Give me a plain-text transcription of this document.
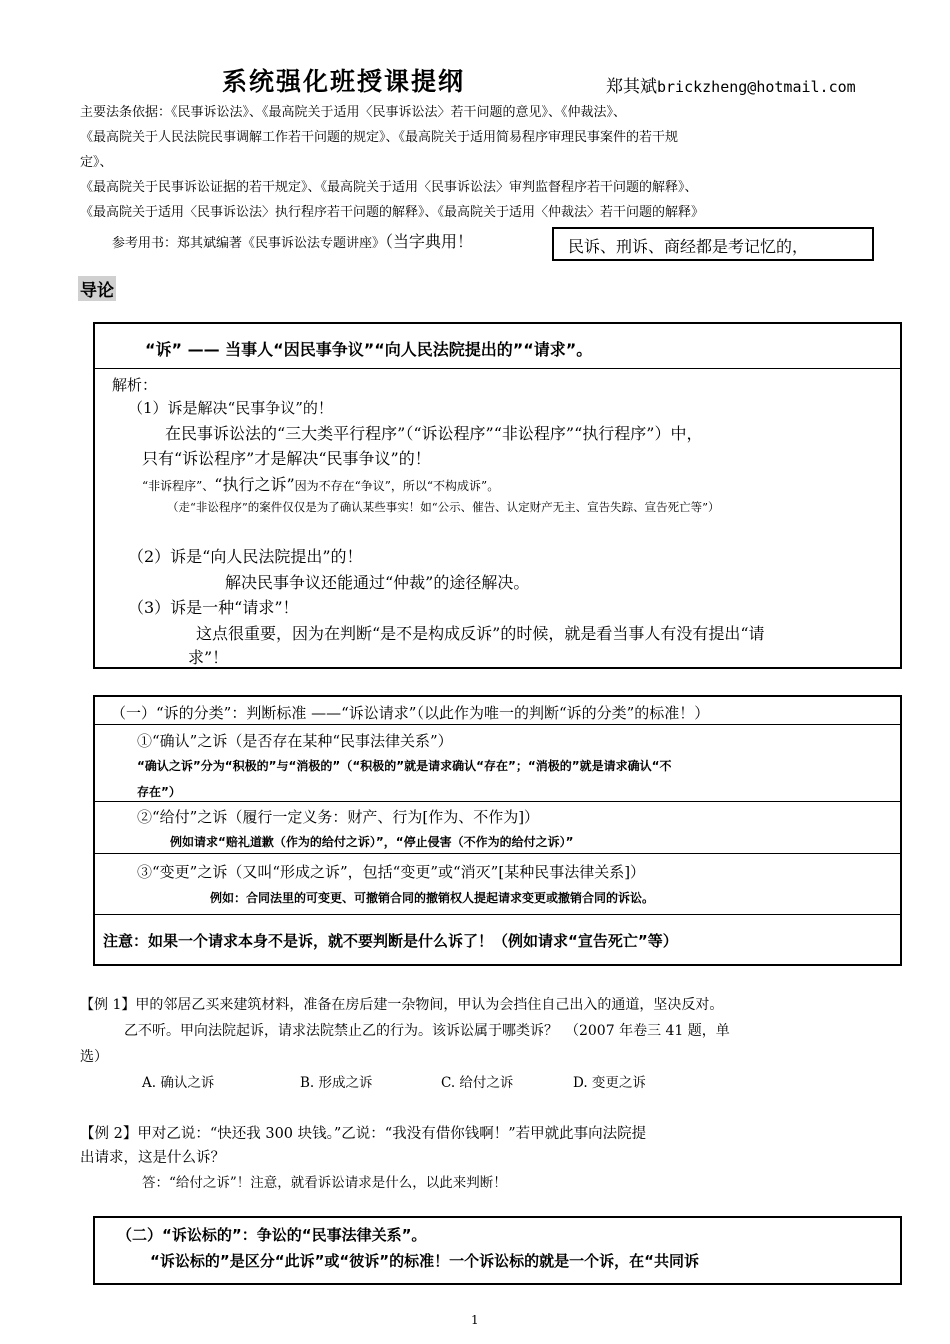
系统强化班授课提纲	郑其斌brickzheng@hotmail.com
主要法条依据：《民事诉讼法》、《最高院关于适用〈民事诉讼法〉若干问题的意见》、《仲裁法》、
《最高院关于人民法院民事调解工作若干问题的规定》、《最高院关于适用简易程序审理民事案件的若干规
定》、
《最高院关于民事诉讼证据的若干规定》、《最高院关于适用〈民事诉讼法〉审判监督程序若干问题的解释》、
《最高院关于适用〈民事诉讼法〉执行程序若干问题的解释》、《最高院关于适用〈仲裁法〉若干问题的解释》
参考用书：郑其斌编著《民事诉讼法专题讲座》（当字典用！	民诉、刑诉、商经都是考记忆的，
导论
“诉” —— 当事人“因民事争议”“向人民法院提出的”“请求”。
解析：
（1）诉是解决“民事争议”的！
在民事诉讼法的“三大类平行程序”（“诉讼程序”“非讼程序”“执行程序”）中，
只有“诉讼程序”才是解决“民事争议”的！
“非诉程序”、“执行之诉”因为不存在“争议”，所以“不构成诉”。
（走“非讼程序”的案件仅仅是为了确认某些事实！如“公示、催告、认定财产无主、宣告失踪、宣告死亡等”）
（2）诉是“向人民法院提出”的！
解决民事争议还能通过“仲裁”的途径解决。
（3）诉是一种“请求”！
这点很重要，因为在判断“是不是构成反诉”的时候，就是看当事人有没有提出“请
求”！
（一）“诉的分类”：判断标准 ——“诉讼请求”（以此作为唯一的判断“诉的分类”的标准！）
①“确认”之诉（是否存在某种“民事法律关系”）
“确认之诉”分为“积极的”与“消极的”（“积极的”就是请求确认“存在”；“消极的”就是请求确认“不
存在”）
②“给付”之诉（履行一定义务：财产、行为[作为、不作为]）
例如请求“赔礼道歉（作为的给付之诉）”，“停止侵害（不作为的给付之诉）”
③“变更”之诉（又叫“形成之诉”，包括“变更”或“消灭”[某种民事法律关系]）
例如：合同法里的可变更、可撤销合同的撤销权人提起请求变更或撤销合同的诉讼。
注意：如果一个请求本身不是诉，就不要判断是什么诉了！（例如请求“宣告死亡”等）
【例 1】甲的邻居乙买来建筑材料，准备在房后建一杂物间，甲认为会挡住自己出入的通道，坚决反对。
乙不听。甲向法院起诉，请求法院禁止乙的行为。该诉讼属于哪类诉？　（2007 年卷三 41 题，单
选）
A. 确认之诉	B. 形成之诉	C. 给付之诉	D. 变更之诉
【例 2】甲对乙说：“快还我 300 块钱。”乙说：“我没有借你钱啊！”若甲就此事向法院提
出请求，这是什么诉？
答：“给付之诉”！注意，就看诉讼请求是什么，以此来判断！
（二）“诉讼标的”：争讼的“民事法律关系”。
“诉讼标的”是区分“此诉”或“彼诉”的标准！一个诉讼标的就是一个诉，在“共同诉
1
